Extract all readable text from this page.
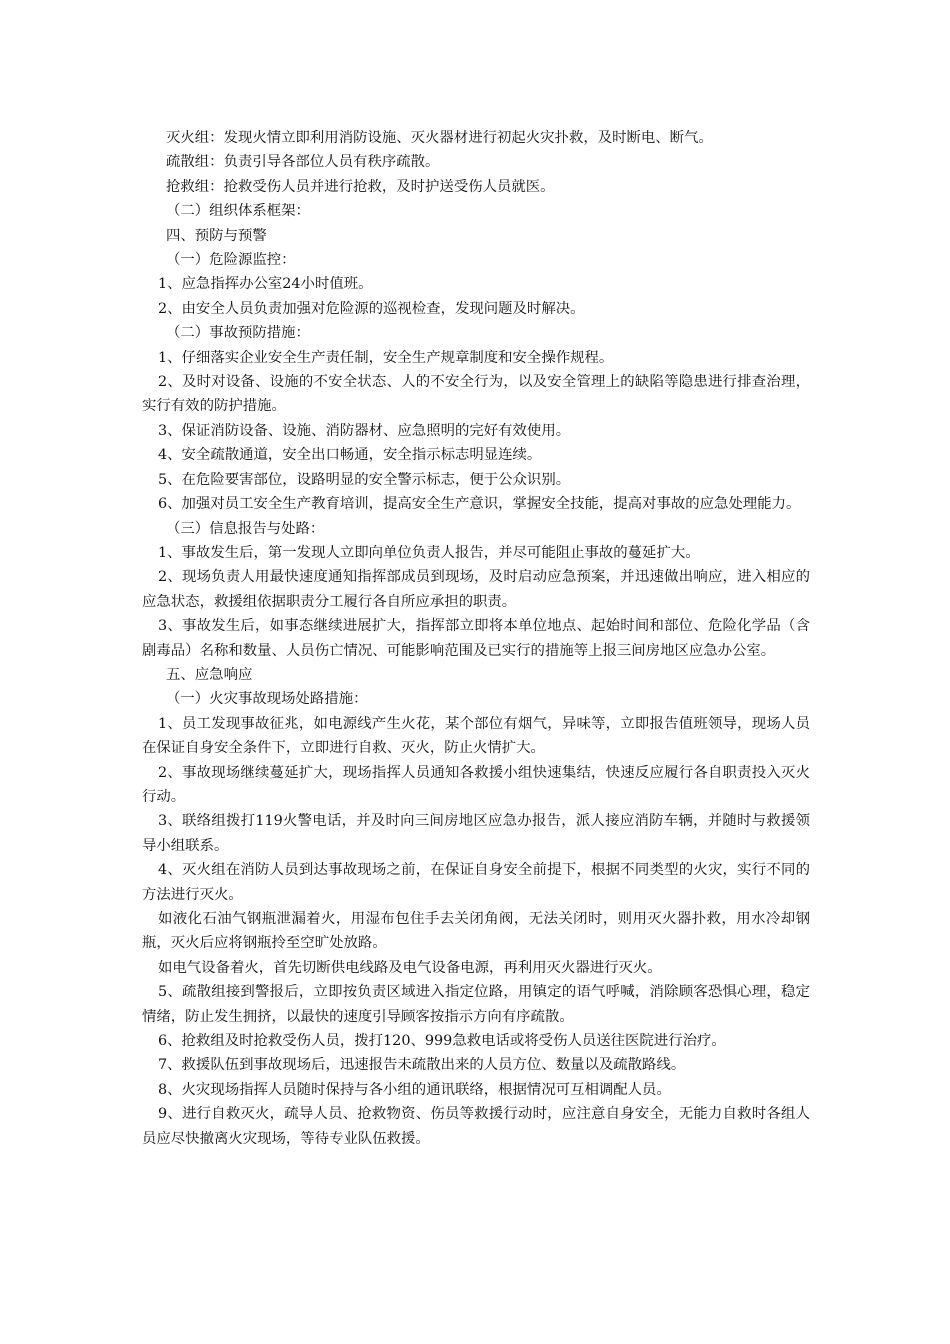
灭火组：发现火情立即利用消防设施、灭火器材进行初起火灾扑救，及时断电、断气。

疏散组：负责引导各部位人员有秩序疏散。

抢救组：抢救受伤人员并进行抢救，及时护送受伤人员就医。

（二）组织体系框架：

四、预防与预警

（一）危险源监控：

1、应急指挥办公室24小时值班。

2、由安全人员负责加强对危险源的巡视检查，发现问题及时解决。

（二）事故预防措施：

1、仔细落实企业安全生产责任制，安全生产规章制度和安全操作规程。

2、及时对设备、设施的不安全状态、人的不安全行为，以及安全管理上的缺陷等隐患进行排查治理，实行有效的防护措施。

3、保证消防设备、设施、消防器材、应急照明的完好有效使用。

4、安全疏散通道，安全出口畅通，安全指示标志明显连续。

5、在危险要害部位，设路明显的安全警示标志，便于公众识别。

6、加强对员工安全生产教育培训，提高安全生产意识，掌握安全技能，提高对事故的应急处理能力。

（三）信息报告与处路：

1、事故发生后，第一发现人立即向单位负责人报告，并尽可能阻止事故的蔓延扩大。

2、现场负责人用最快速度通知指挥部成员到现场，及时启动应急预案，并迅速做出响应，进入相应的应急状态，救援组依据职责分工履行各自所应承担的职责。

3、事故发生后，如事态继续进展扩大，指挥部立即将本单位地点、起始时间和部位、危险化学品（含剧毒品）名称和数量、人员伤亡情况、可能影响范围及已实行的措施等上报三间房地区应急办公室。

五、应急响应

（一）火灾事故现场处路措施：

1、员工发现事故征兆，如电源线产生火花，某个部位有烟气，异味等，立即报告值班领导，现场人员在保证自身安全条件下，立即进行自救、灭火，防止火情扩大。

2、事故现场继续蔓延扩大，现场指挥人员通知各救援小组快速集结，快速反应履行各自职责投入灭火行动。

3、联络组拨打119火警电话，并及时向三间房地区应急办报告，派人接应消防车辆，并随时与救援领导小组联系。

4、灭火组在消防人员到达事故现场之前，在保证自身安全前提下，根据不同类型的火灾，实行不同的方法进行灭火。

如液化石油气钢瓶泄漏着火，用湿布包住手去关闭角阀，无法关闭时，则用灭火器扑救，用水冷却钢瓶，灭火后应将钢瓶拎至空旷处放路。

如电气设备着火，首先切断供电线路及电气设备电源，再利用灭火器进行灭火。

5、疏散组接到警报后，立即按负责区域进入指定位路，用镇定的语气呼喊，消除顾客恐惧心理，稳定情绪，防止发生拥挤，以最快的速度引导顾客按指示方向有序疏散。

6、抢救组及时抢救受伤人员，拨打120、999急救电话或将受伤人员送往医院进行治疗。

7、救援队伍到事故现场后，迅速报告未疏散出来的人员方位、数量以及疏散路线。

8、火灾现场指挥人员随时保持与各小组的通讯联络，根据情况可互相调配人员。

9、进行自救灭火，疏导人员、抢救物资、伤员等救援行动时，应注意自身安全，无能力自救时各组人员应尽快撤离火灾现场，等待专业队伍救援。
